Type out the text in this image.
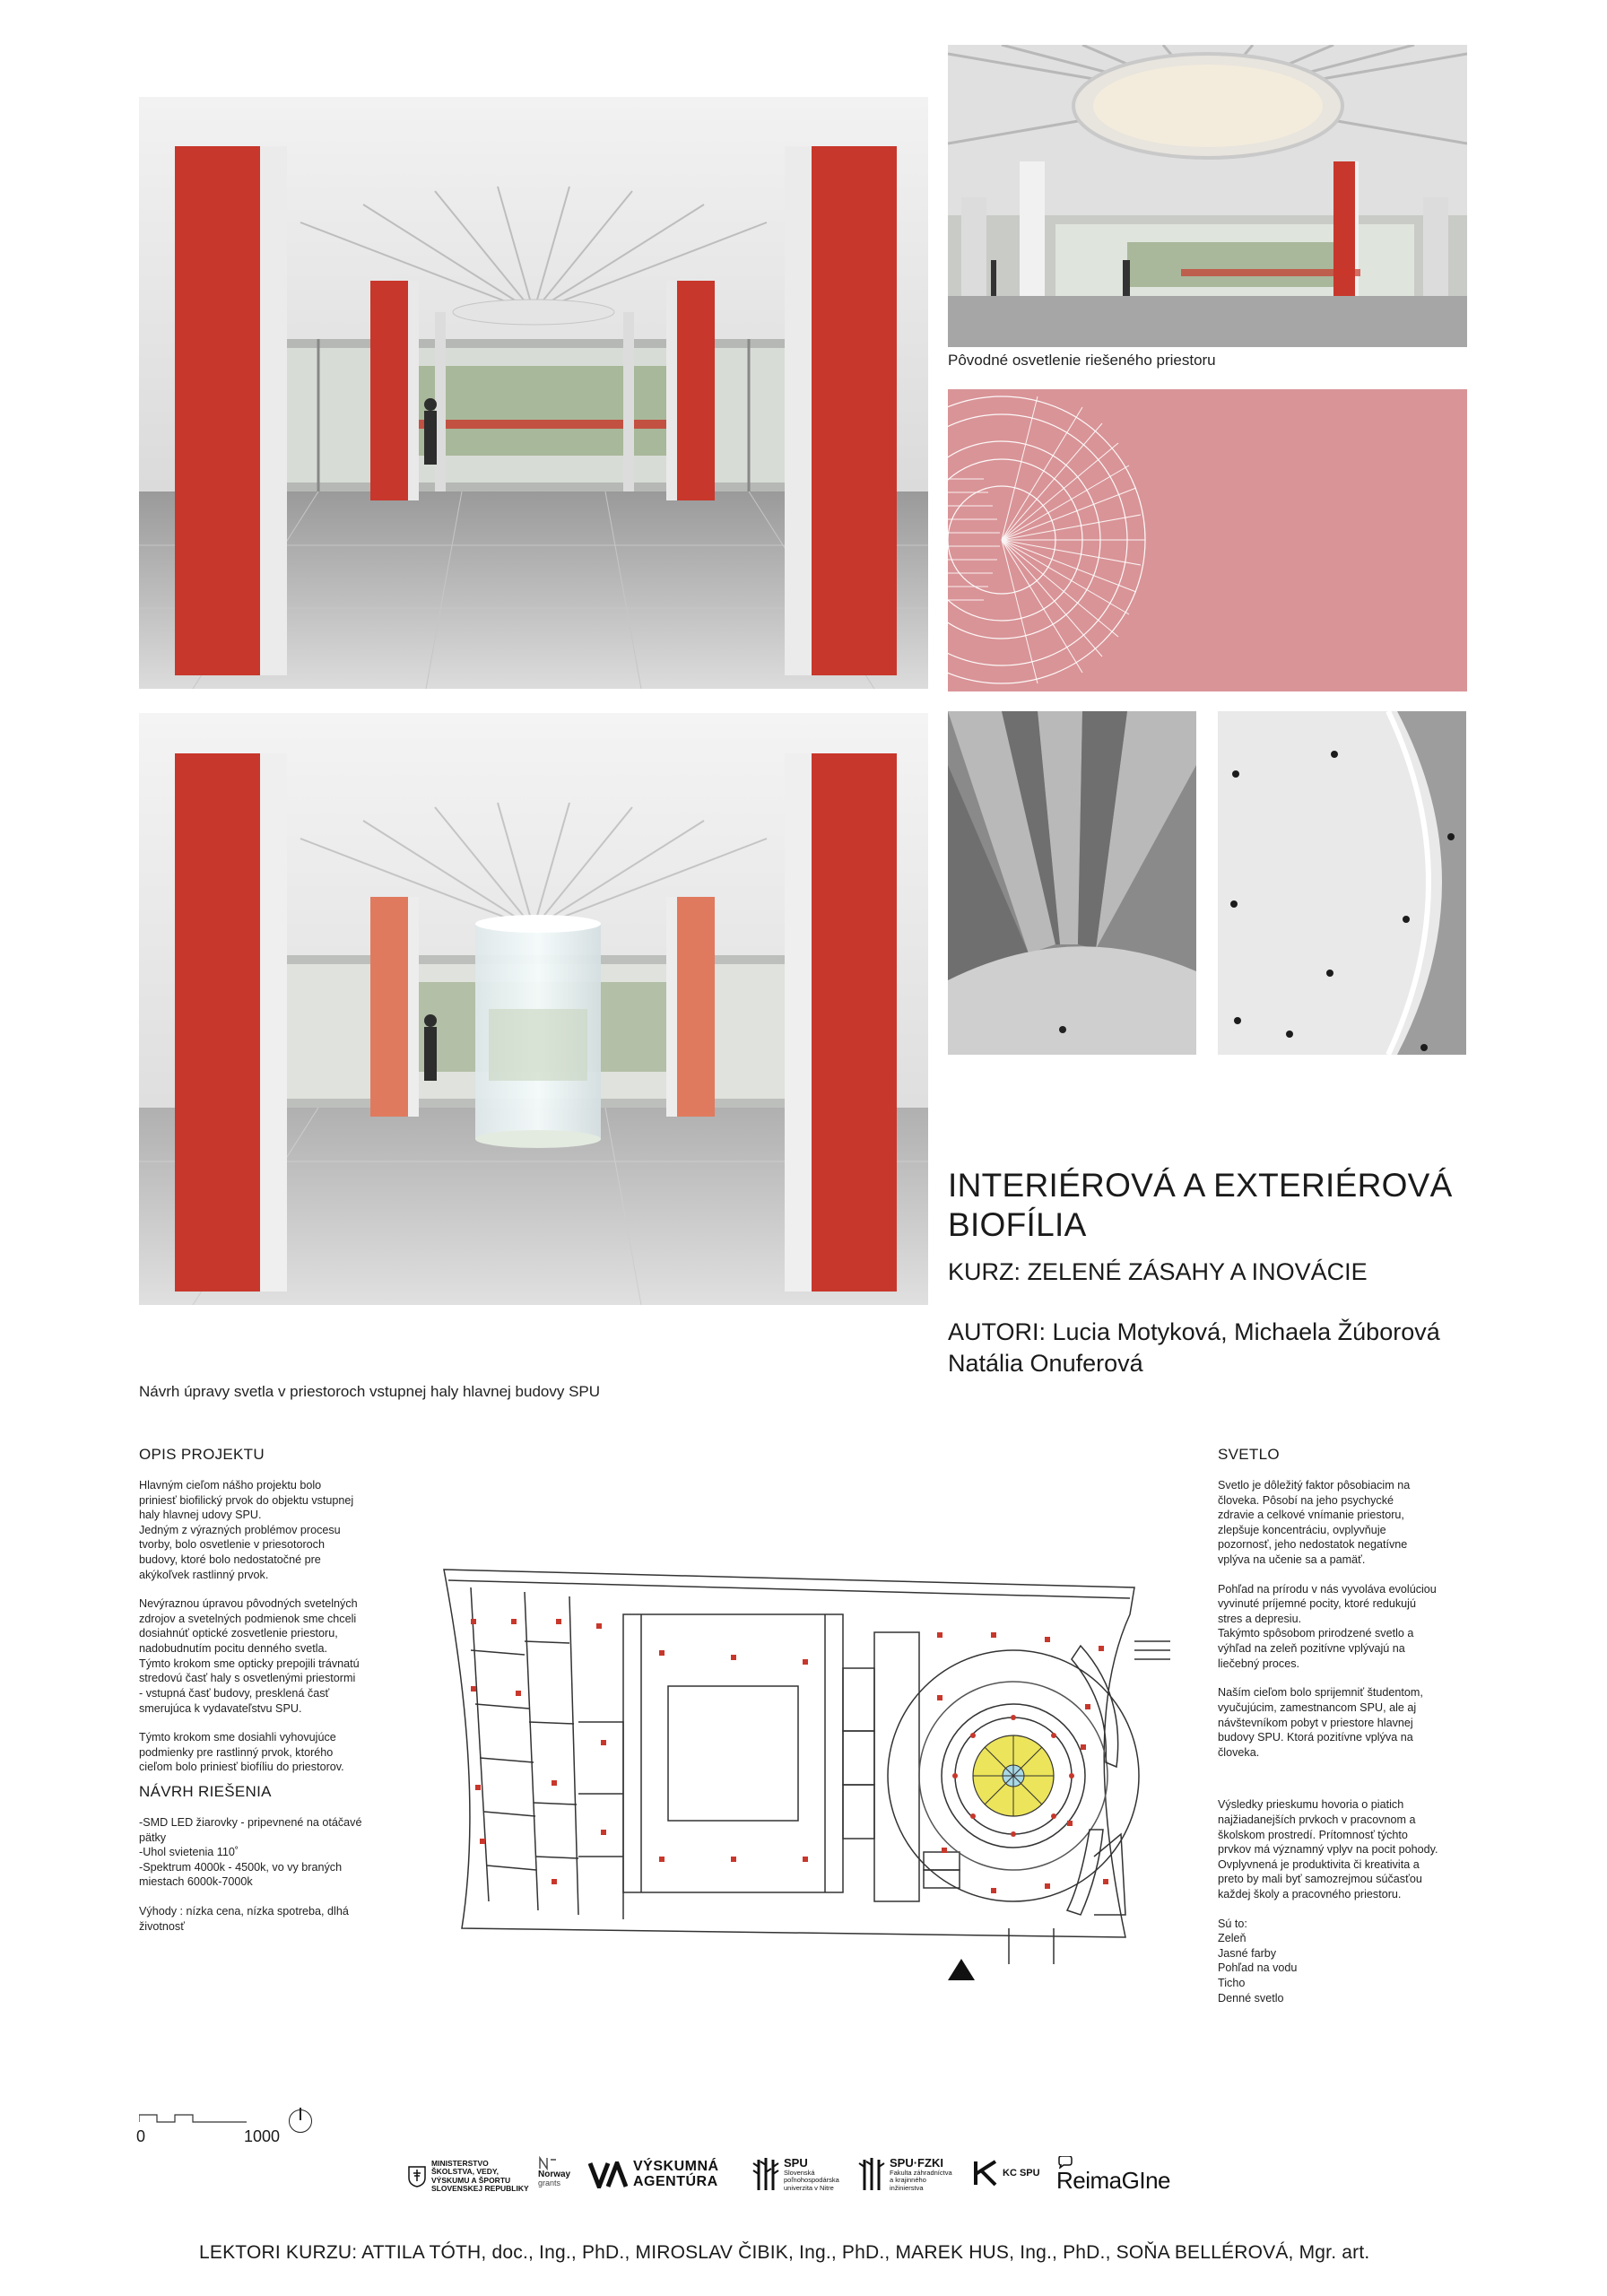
Pôvodné osvetlenie riešeného priestoru
Návrh úpravy svetla v priestoroch vstupnej haly hlavnej budovy SPU
INTERIÉROVÁ A EXTERIÉROVÁ
BIOFÍLIA
KURZ: ZELENÉ ZÁSAHY A INOVÁCIE
AUTORI: Lucia Motyková, Michaela Žúborová
Natália Onuferová
OPIS PROJEKTU

Hlavným cieľom nášho projektu bolo
priniesť biofilický prvok do objektu vstupnej
haly hlavnej udovy SPU.
Jedným z výrazných problémov procesu
tvorby, bolo osvetlenie v priesotoroch
budovy, ktoré bolo nedostatočné pre
akýkoľvek rastlinný prvok.

Nevýraznou úpravou pôvodných svetelných
zdrojov a svetelných podmienok sme chceli
dosiahnúť optické zosvetlenie priestoru,
nadobudnutím pocitu denného svetla.
Týmto krokom sme opticky prepojili trávnatú
stredovú časť haly s osvetlenými priestormi
- vstupná časť budovy, presklená časť
smerujúca k vydavateľstvu SPU.

Týmto krokom sme dosiahli vyhovujúce
podmienky pre rastlinný prvok, ktorého
cieľom bolo priniesť biofíliu do priestorov.

NÁVRH RIEŠENIA

-SMD LED žiarovky - pripevnené na otáčavé
pätky
-Uhol svietenia 110˚
-Spektrum 4000k - 4500k, vo vy braných
miestach 6000k-7000k

Výhody : nízka cena, nízka spotreba, dlhá
životnosť

SVETLO

Svetlo je dôležitý faktor pôsobiacim na
človeka. Pôsobí na jeho psychycké
zdravie a celkové vnímanie priestoru,
zlepšuje koncentráciu, ovplyvňuje
pozornosť, jeho nedostatok negatívne
vplýva na učenie sa a pamäť.

Pohľad na prírodu v nás vyvoláva evolúciou
vyvinuté príjemné pocity, ktoré redukujú
stres a depresiu.
Takýmto spôsobom prirodzené svetlo a
výhľad na zeleň pozitívne vplývajú na
liečebný proces.

Naším cieľom bolo sprijemniť študentom,
vyučujúcim, zamestnancom SPU, ale aj
návštevníkom pobyt v priestore hlavnej
budovy SPU. Ktorá pozitívne vplýva na
človeka.

Výsledky prieskumu hovoria o piatich
najžiadanejších prvkoch v pracovnom a
školskom prostredí. Prítomnosť týchto
prvkov má významný vplyv na pocit pohody.
Ovplyvnená je produktivita či kreativita a
preto by mali byť samozrejmou súčasťou
každej školy a pracovného priestoru.

Sú to:
Zeleň
Jasné farby
Pohľad na vodu
Ticho
Denné svetlo

0	1000
MINISTERSTVO
ŠKOLSTVA, VEDY,
VÝSKUMU A ŠPORTU
SLOVENSKEJ REPUBLIKY
Norway
grants
VÝSKUMNÁ
AGENTÚRA
SPU
Slovenská
poľnohospodárska
univerzita v Nitre
SPU·FZKI
Fakulta záhradníctva
a krajinného
inžinierstva
KC SPU ReimaGIne
LEKTORI KURZU: ATTILA TÓTH, doc., Ing., PhD., MIROSLAV ČIBIK, Ing., PhD., MAREK HUS, Ing., PhD., SOŇA BELLÉROVÁ, Mgr. art.
